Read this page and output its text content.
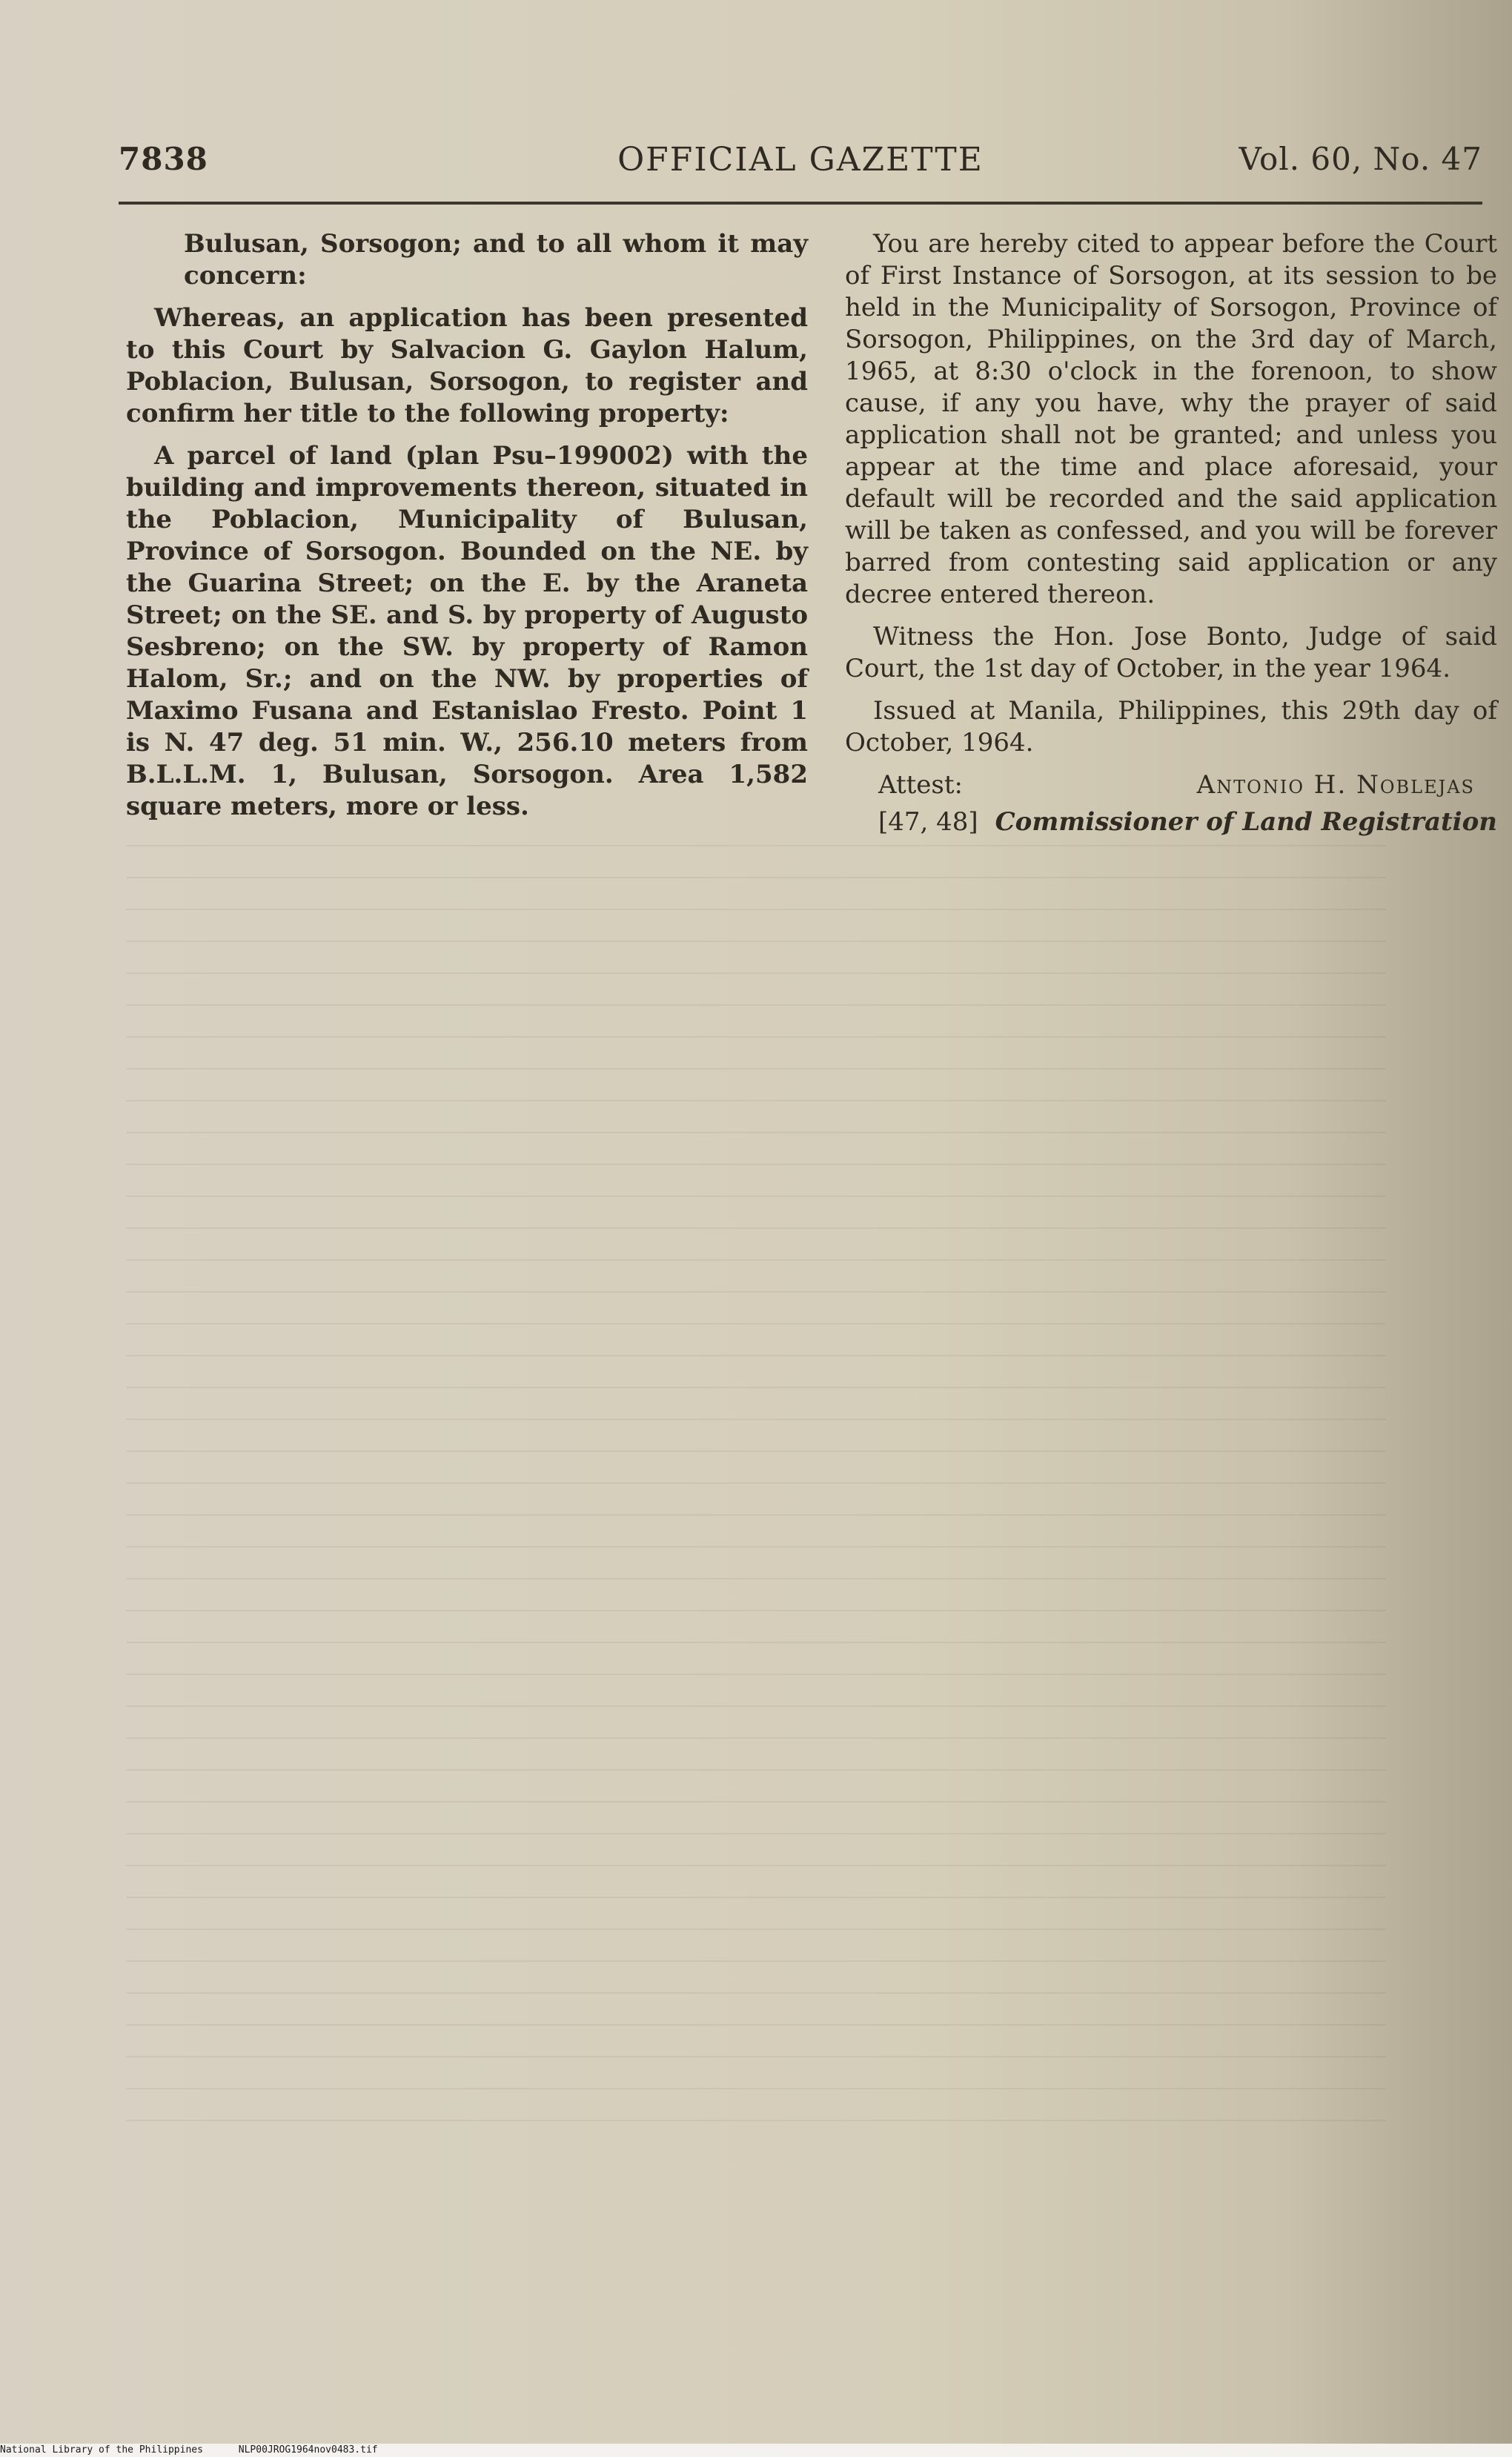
7838	OFFICIAL GAZETTE	Vol. 60, No. 47

Bulusan, Sorsogon; and to all whom it may concern:

Whereas, an application has been presented to this Court by Salvacion G. Gaylon Halum, Poblacion, Bulusan, Sorsogon, to register and confirm her title to the following property:

A parcel of land (plan Psu–199002) with the building and improvements thereon, situated in the Poblacion, Municipality of Bulusan, Province of Sorsogon. Bounded on the NE. by the Guarina Street; on the E. by the Araneta Street; on the SE. and S. by property of Augusto Sesbreno; on the SW. by property of Ramon Halom, Sr.; and on the NW. by properties of Maximo Fusana and Estanislao Fresto. Point 1 is N. 47 deg. 51 min. W., 256.10 meters from B.L.L.M. 1, Bulusan, Sorsogon. Area 1,582 square meters, more or less.

You are hereby cited to appear before the Court of First Instance of Sorsogon, at its session to be held in the Municipality of Sorsogon, Province of Sorsogon, Philippines, on the 3rd day of March, 1965, at 8:30 o'clock in the forenoon, to show cause, if any you have, why the prayer of said application shall not be granted; and unless you appear at the time and place aforesaid, your default will be recorded and the said application will be taken as confessed, and you will be forever barred from contesting said application or any decree entered thereon.

Witness the Hon. Jose Bonto, Judge of said Court, the 1st day of October, in the year 1964.

Issued at Manila, Philippines, this 29th day of October, 1964.

Attest:
[47, 48]
Antonio H. Noblejas
Commissioner of Land Registration
National Library of the Philippines	NLP00JROG1964nov0483.tif
